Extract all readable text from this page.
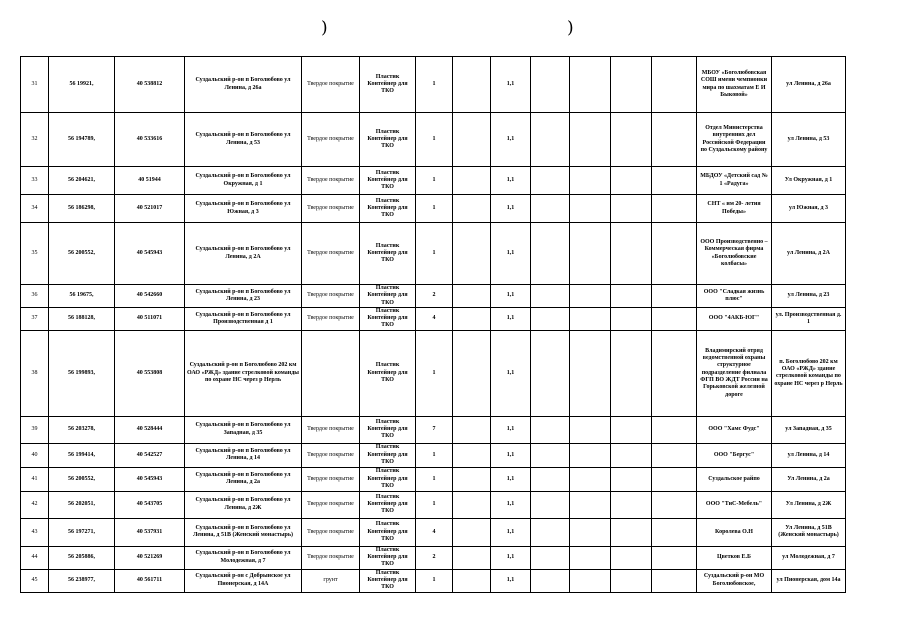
)	)
31	56 19921,	40 538812	Суздальский р-он п Боголюбово ул Ленина, д 26а	Твердое покрытие	Пластик Контейнер для ТКО	1		1,1					МБОУ «Боголюбовская СОШ имени чемпионки мира по шахматам Е И Быковой»	ул Ленина, д 26а
32	56 194789,	40 533616	Суздальский р-он п Боголюбово ул Ленина, д 53	Твердое покрытие	Пластик Контейнер для ТКО	1		1,1					Отдел Министерства внутренних дел Российской Федерации по Суздальскому району	ул Ленина, д 53
33	56 204621,	40 51944	Суздальский р-он п Боголюбово ул Окружная, д 1	Твердое покрытие	Пластик Контейнер для ТКО	1		1,1					МБДОУ «Детский сад № 1 «Радуга»	Ул Окружная, д 1
34	56 186298,	40 521017	Суздальский р-он п Боголюбово ул Южная, д 3	Твердое покрытие	Пластик Контейнер для ТКО	1		1,1					СНТ « им 20- летия Победы»	ул Южная, д 3
35	56 200552,	40 545943	Суздальский р-он п Боголюбово ул Ленина, д 2А	Твердое покрытие	Пластик Контейнер для ТКО	1		1,1					ООО Производственно – Коммерческая фирма «Боголюбовские колбасы»	ул Ленина, д 2А
36	56 19675,	40 542660	Суздальский р-он п Боголюбово ул Ленина, д 23	Твердое покрытие	Пластик Контейнер для ТКО	2		1,1					ООО "Сладкая жизнь плюс"	ул Ленина, д 23
37	56 188128,	40 511071	Суздальский р-он п Боголюбово ул Производственная д 1	Твердое покрытие	Пластик Контейнер для ТКО	4		1,1					ООО "4АКБ-ЮГ"	ул. Производственная д. 1
38	56 199893,	40 553808	Суздальский р-он п Боголюбово 202 км ОАО «РЖД» здание стрелковой команды по охране НС через р Нерль		Пластик Контейнер для ТКО	1		1,1					Владимирский отряд ведомственной охраны структурное подразделение филиала ФГП ВО ЖДТ России на Горьковской железной дороге	п. Боголюбово 202 км ОАО «РЖД» здание стрелковой команды по охране НС через р Нерль
39	56 203278,	40 528444	Суздальский р-он п Боголюбово ул Западная, д 35	Твердое покрытие	Пластик Контейнер для ТКО	7		1,1					ООО "Хамс Фудс"	ул Западная, д 35
40	56 199414,	40 542527	Суздальский р-он п Боголюбово ул Ленина, д 14	Твердое покрытие	Пластик Контейнер для ТКО	1		1,1					ООО "Бергус"	ул Ленина, д 14
41	56 200552,	40 545943	Суздальский р-он п Боголюбово ул Ленина, д 2а	Твердое покрытие	Пластик Контейнер для ТКО	1		1,1					Суздальское райпо	Ул Ленина, д 2а
42	56 202051,	40 543705	Суздальский р-он п Боголюбово ул Ленина, д 2Ж	Твердое покрытие	Пластик Контейнер для ТКО	1		1,1					ООО "ТиС-Мебель"	Ул Ленина, д 2Ж
43	56 197271,	40 537931	Суздальский р-он п Боголюбово ул Ленина, д 51В (Женский монастырь)	Твердое покрытие	Пластик Контейнер для ТКО	4		1,1					Королева О.Н	Ул Ленина, д 51В (Женский монастырь)
44	56 205886,	40 521269	Суздальский р-он п Боголюбово ул Молодежная, д 7	Твердое покрытие	Пластик Контейнер для ТКО	2		1,1					Цветков Е.Б	ул Молодежная, д 7
45	56 238977,	40 561711	Суздальский р-он с Добрынское ул Пионерская, д 14А	грунт	Пластик Контейнер для ТКО	1		1,1					Суздальский р-он МО Боголюбовское,	ул Пионерская, дом 14а
